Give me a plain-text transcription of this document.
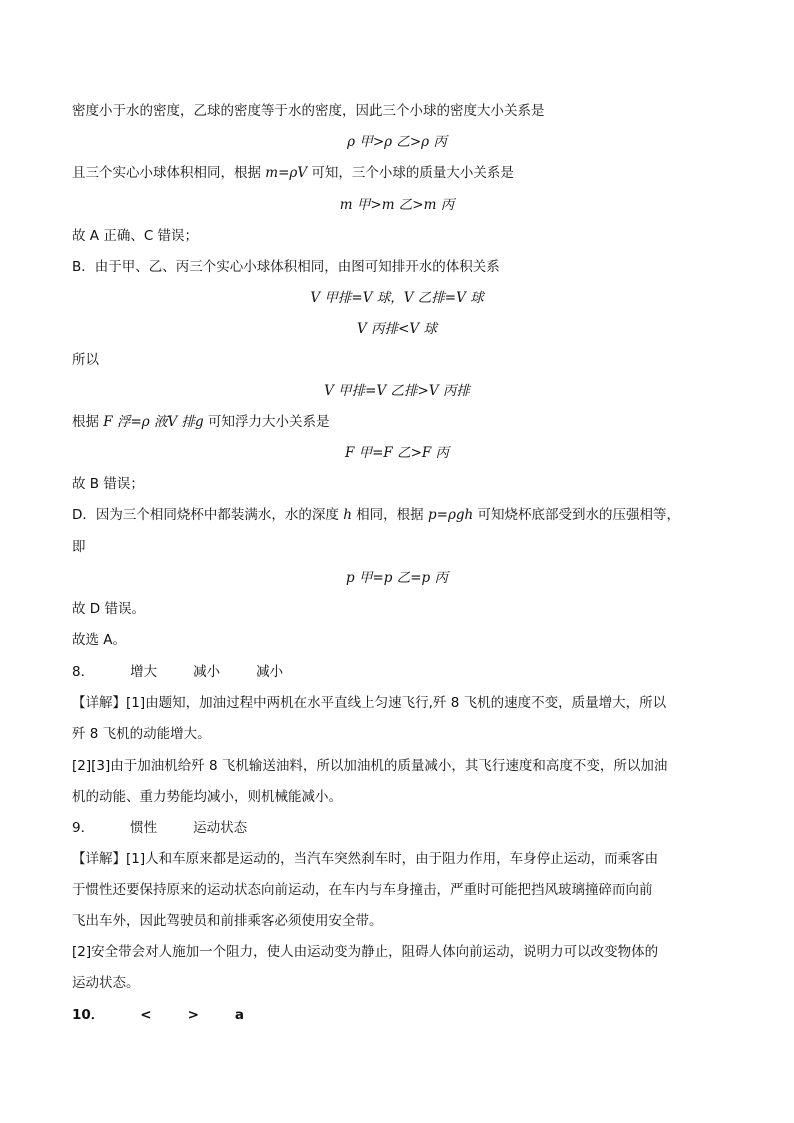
密度小于水的密度，乙球的密度等于水的密度，因此三个小球的密度大小关系是
ρ 甲>ρ 乙>ρ 丙
且三个实心小球体积相同，根据 m=ρV 可知，三个小球的质量大小关系是
m 甲>m 乙>m 丙
故 A 正确、C 错误；
B．由于甲、乙、丙三个实心小球体积相同，由图可知排开水的体积关系
V 甲排=V 球，V 乙排=V 球
V 丙排<V 球
所以
V 甲排=V 乙排>V 丙排
根据 F 浮=ρ 液V 排g 可知浮力大小关系是
F 甲=F 乙>F 丙
故 B 错误；
D．因为三个相同烧杯中都装满水，水的深度 h 相同，根据 p=ρgh 可知烧杯底部受到水的压强相等，
即
p 甲=p 乙=p 丙
故 D 错误。
故选 A。
8．	增大	减小	减小
【详解】[1]由题知，加油过程中两机在水平直线上匀速飞行,歼 8 飞机的速度不变，质量增大，所以
歼 8 飞机的动能增大。
[2][3]由于加油机给歼 8 飞机输送油料，所以加油机的质量减小，其飞行速度和高度不变，所以加油
机的动能、重力势能均减小，则机械能减小。
9．	惯性	运动状态
【详解】[1]人和车原来都是运动的，当汽车突然刹车时，由于阻力作用，车身停止运动，而乘客由
于惯性还要保持原来的运动状态向前运动，在车内与车身撞击，严重时可能把挡风玻璃撞碎而向前
飞出车外，因此驾驶员和前排乘客必须使用安全带。
[2]安全带会对人施加一个阻力，使人由运动变为静止，阻碍人体向前运动，说明力可以改变物体的
运动状态。
10．	<	>	a
